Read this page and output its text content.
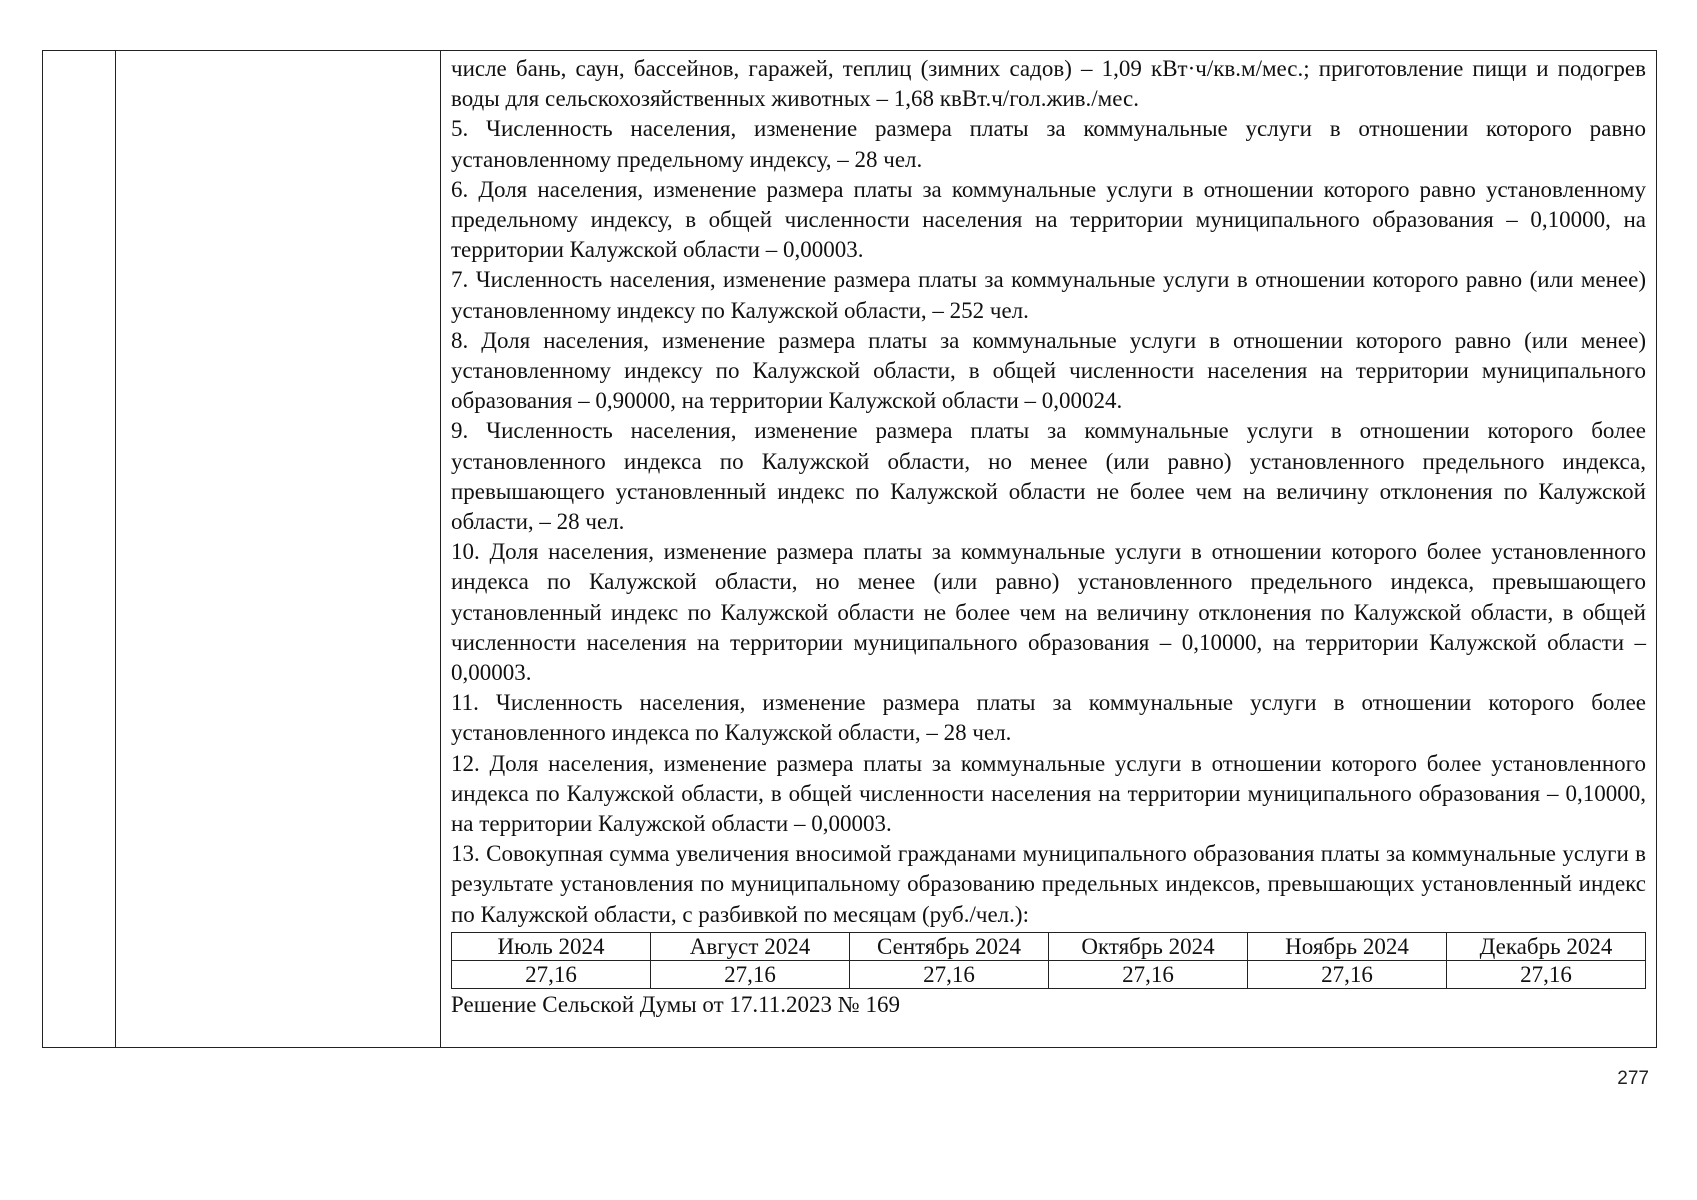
числе бань, саун, бассейнов, гаражей, теплиц (зимних садов) – 1,09 кВт·ч/кв.м/мес.; приготовление пищи и подогрев воды для сельскохозяйственных животных – 1,68 квВт.ч/гол.жив./мес.

5. Численность населения, изменение размера платы за коммунальные услуги в отношении которого равно установленному предельному индексу, – 28 чел.

6. Доля населения, изменение размера платы за коммунальные услуги в отношении которого равно установленному предельному индексу, в общей численности населения на территории муниципального образования – 0,10000, на территории Калужской области – 0,00003.

7. Численность населения, изменение размера платы за коммунальные услуги в отношении которого равно (или менее) установленному индексу по Калужской области, – 252 чел.

8. Доля населения, изменение размера платы за коммунальные услуги в отношении которого равно (или менее) установленному индексу по Калужской области, в общей численности населения на территории муниципального образования – 0,90000, на территории Калужской области – 0,00024.

9. Численность населения, изменение размера платы за коммунальные услуги в отношении которого более установленного индекса по Калужской области, но менее (или равно) установленного предельного индекса, превышающего установленный индекс по Калужской области не более чем на величину отклонения по Калужской области, – 28 чел.

10. Доля населения, изменение размера платы за коммунальные услуги в отношении которого более установленного индекса по Калужской области, но менее (или равно) установленного предельного индекса, превышающего установленный индекс по Калужской области не более чем на величину отклонения по Калужской области, в общей численности населения на территории муниципального образования – 0,10000, на территории Калужской области – 0,00003.

11. Численность населения, изменение размера платы за коммунальные услуги в отношении которого более установленного индекса по Калужской области, – 28 чел.

12. Доля населения, изменение размера платы за коммунальные услуги в отношении которого более установленного индекса по Калужской области, в общей численности населения на территории муниципального образования – 0,10000, на территории Калужской области – 0,00003.

13. Совокупная сумма увеличения вносимой гражданами муниципального образования платы за коммунальные услуги в результате установления по муниципальному образованию предельных индексов, превышающих установленный индекс по Калужской области, с разбивкой по месяцам (руб./чел.):

Июль 2024	Август 2024	Сентябрь 2024	Октябрь 2024	Ноябрь 2024	Декабрь 2024
27,16	27,16	27,16	27,16	27,16	27,16

Решение Сельской Думы от 17.11.2023 № 169

277
